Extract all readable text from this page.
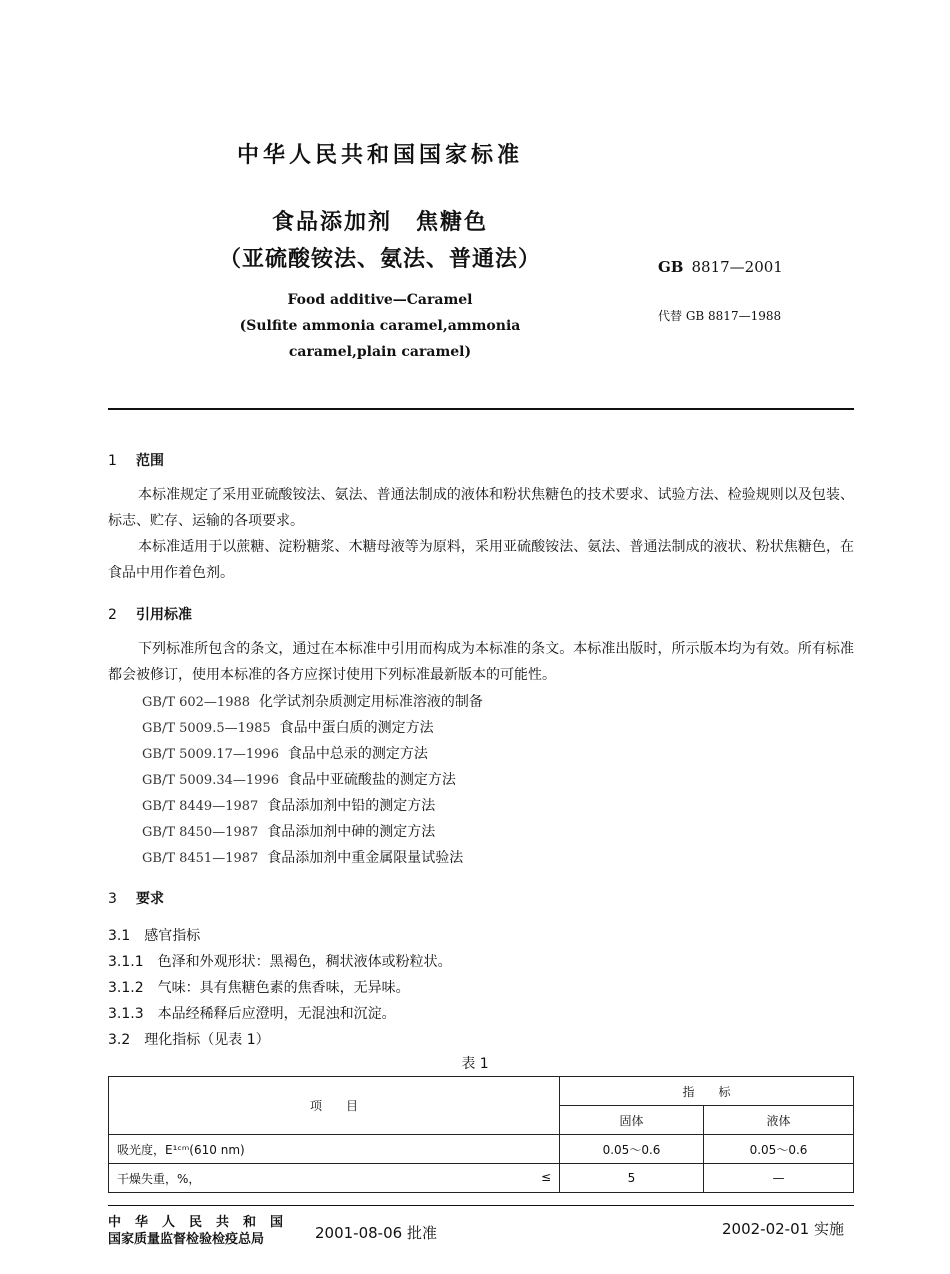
中华人民共和国国家标准
食品添加剂　焦糖色
（亚硫酸铵法、氨法、普通法）
Food additive—Caramel
(Sulfite ammonia caramel,ammonia
caramel,plain caramel)
GB 8817—2001
代替 GB 8817—1988
1 范围
本标准规定了采用亚硫酸铵法、氨法、普通法制成的液体和粉状焦糖色的技术要求、试验方法、检验规则以及包装、标志、贮存、运输的各项要求。
本标准适用于以蔗糖、淀粉糖浆、木糖母液等为原料，采用亚硫酸铵法、氨法、普通法制成的液状、粉状焦糖色，在食品中用作着色剂。
2 引用标准
下列标准所包含的条文，通过在本标准中引用而构成为本标准的条文。本标准出版时，所示版本均为有效。所有标准都会被修订，使用本标准的各方应探讨使用下列标准最新版本的可能性。
GB/T 602—1988 化学试剂杂质测定用标准溶液的制备
GB/T 5009.5—1985 食品中蛋白质的测定方法
GB/T 5009.17—1996 食品中总汞的测定方法
GB/T 5009.34—1996 食品中亚硫酸盐的测定方法
GB/T 8449—1987 食品添加剂中铅的测定方法
GB/T 8450—1987 食品添加剂中砷的测定方法
GB/T 8451—1987 食品添加剂中重金属限量试验法
3 要求
3.1　感官指标
3.1.1　色泽和外观形状：黑褐色，稠状液体或粉粒状。
3.1.2　气味：具有焦糖色素的焦香味，无异味。
3.1.3　本品经稀释后应澄明，无混浊和沉淀。
3.2　理化指标（见表 1）
表 1
项　　目	指　　标	
	固体	液体
吸光度，E¹ᶜᵐ(610 nm)	0.05～0.6	0.05～0.6
干燥失重，%， ≤	5	—
中华人民共和国
国家质量监督检验检疫总局	2001-08-06 批准	2002-02-01 实施
